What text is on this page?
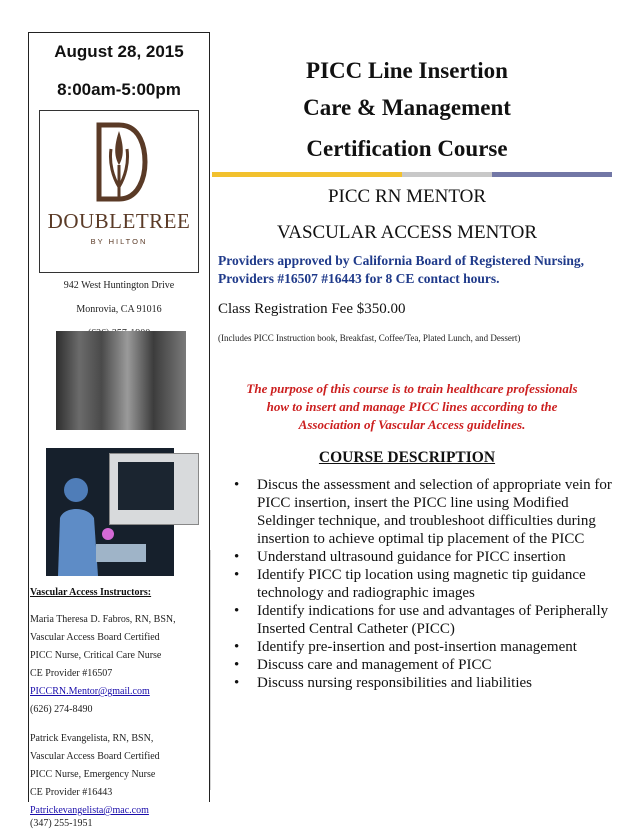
August 28, 2015
8:00am-5:00pm
DOUBLETREE
BY HILTON
942 West Huntington Drive
Monrovia, CA 91016
Vascular Access Instructors:
Maria Theresa D. Fabros, RN, BSN,
Vascular Access Board Certified
PICC Nurse, Critical Care Nurse
CE Provider #16507
PICCRN.Mentor@gmail.com
(626) 274-8490
Patrick Evangelista, RN, BSN,
Vascular Access Board Certified
PICC Nurse, Emergency Nurse
CE Provider #16443
Patrickevangelista@mac.com
(347) 255-1951
PICC Line Insertion
Care & Management
Certification Course
PICC RN MENTOR
VASCULAR ACCESS MENTOR
Providers approved by California Board of Registered Nursing, Providers #16507 #16443 for 8 CE contact hours.
Class Registration Fee $350.00
(Includes PICC Instruction book, Breakfast, Coffee/Tea, Plated Lunch, and Dessert)
The purpose of this course is to train healthcare professionals
how to insert and manage PICC lines according to the
Association of Vascular Access guidelines.
COURSE DESCRIPTION
• Discus the assessment and selection of appropriate vein for PICC insertion, insert the PICC line using Modified Seldinger technique, and troubleshoot difficulties during insertion to achieve optimal tip placement of the PICC
• Understand ultrasound guidance for PICC insertion
• Identify PICC tip location using magnetic tip guidance technology and radiographic images
• Identify indications for use and advantages of Peripherally Inserted Central Catheter (PICC)
• Identify pre-insertion and post-insertion management
• Discuss care and management of PICC
• Discuss nursing responsibilities and liabilities
